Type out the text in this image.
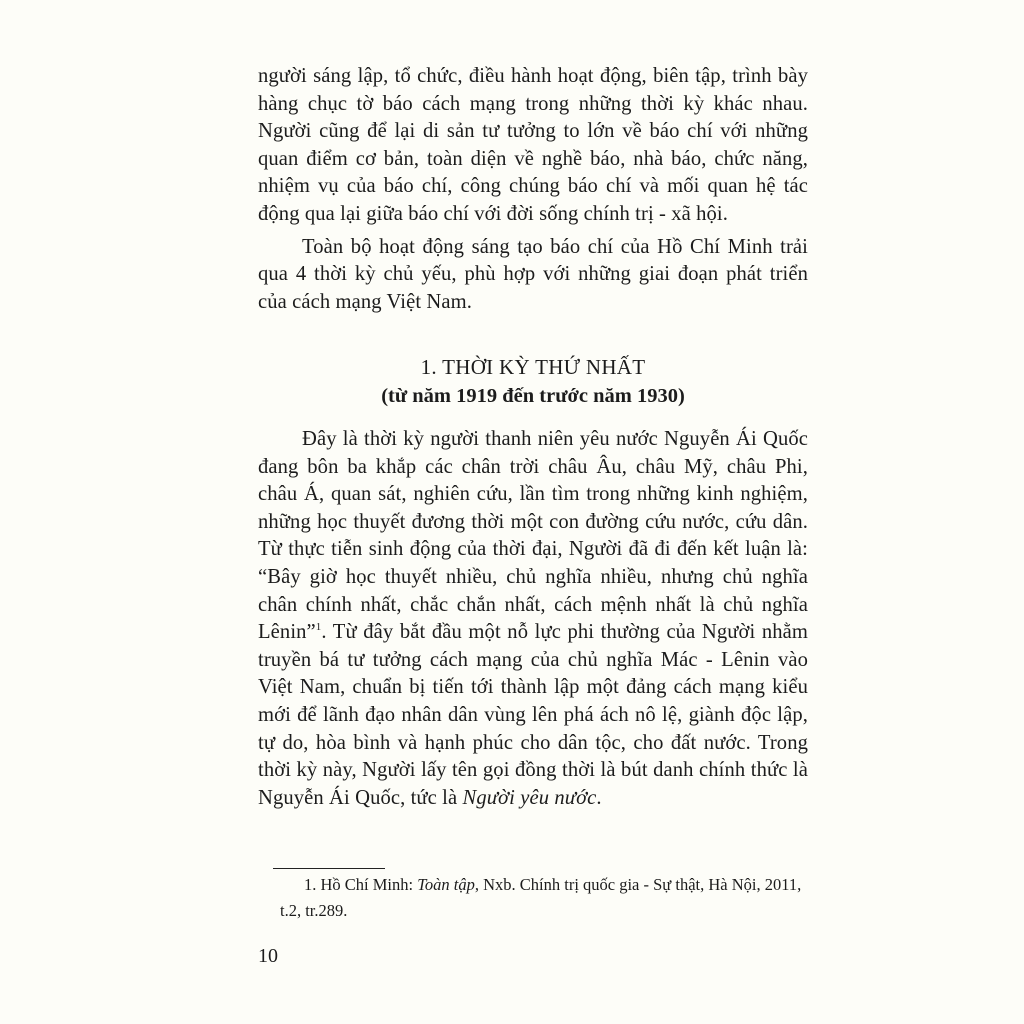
người sáng lập, tổ chức, điều hành hoạt động, biên tập, trình bày hàng chục tờ báo cách mạng trong những thời kỳ khác nhau. Người cũng để lại di sản tư tưởng to lớn về báo chí với những quan điểm cơ bản, toàn diện về nghề báo, nhà báo, chức năng, nhiệm vụ của báo chí, công chúng báo chí và mối quan hệ tác động qua lại giữa báo chí với đời sống chính trị - xã hội.

Toàn bộ hoạt động sáng tạo báo chí của Hồ Chí Minh trải qua 4 thời kỳ chủ yếu, phù hợp với những giai đoạn phát triển của cách mạng Việt Nam.

1. THỜI KỲ THỨ NHẤT
(từ năm 1919 đến trước năm 1930)

Đây là thời kỳ người thanh niên yêu nước Nguyễn Ái Quốc đang bôn ba khắp các chân trời châu Âu, châu Mỹ, châu Phi, châu Á, quan sát, nghiên cứu, lần tìm trong những kinh nghiệm, những học thuyết đương thời một con đường cứu nước, cứu dân. Từ thực tiễn sinh động của thời đại, Người đã đi đến kết luận là: “Bây giờ học thuyết nhiều, chủ nghĩa nhiều, nhưng chủ nghĩa chân chính nhất, chắc chắn nhất, cách mệnh nhất là chủ nghĩa Lênin”$^1$. Từ đây bắt đầu một nỗ lực phi thường của Người nhằm truyền bá tư tưởng cách mạng của chủ nghĩa Mác - Lênin vào Việt Nam, chuẩn bị tiến tới thành lập một đảng cách mạng kiểu mới để lãnh đạo nhân dân vùng lên phá ách nô lệ, giành độc lập, tự do, hòa bình và hạnh phúc cho dân tộc, cho đất nước. Trong thời kỳ này, Người lấy tên gọi đồng thời là bút danh chính thức là Nguyễn Ái Quốc, tức là Người yêu nước.

1. Hồ Chí Minh: Toàn tập, Nxb. Chính trị quốc gia - Sự thật, Hà Nội, 2011,
t.2, tr.289.
10
